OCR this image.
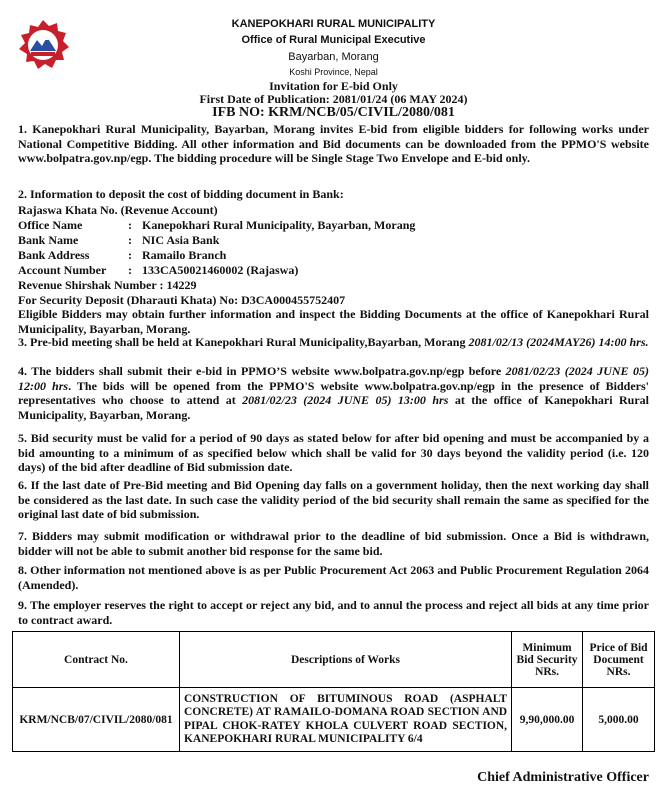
KANEPOKHARI RURAL MUNICIPALITY
Office of Rural Municipal Executive
Bayarban, Morang
Koshi Province, Nepal
Invitation for E-bid Only
First Date of Publication: 2081/01/24 (06 MAY 2024)
IFB NO: KRM/NCB/05/CIVIL/2080/081
1. Kanepokhari Rural Municipality, Bayarban, Morang invites E-bid from eligible bidders for following works under National Competitive Bidding. All other information and Bid documents can be downloaded from the PPMO'S website www.bolpatra.gov.np/egp. The bidding procedure will be Single Stage Two Envelope and E-bid only.
2. Information to deposit the cost of bidding document in Bank:
Rajaswa Khata No. (Revenue Account)
Office Name	: Kanepokhari Rural Municipality, Bayarban, Morang
Bank Name	: NIC Asia Bank
Bank Address	: Ramailo Branch
Account Number : 133CA50021460002 (Rajaswa)
Revenue Shirshak Number : 14229
For Security Deposit (Dharauti Khata) No: D3CA000455752407
Eligible Bidders may obtain further information and inspect the Bidding Documents at the office of Kanepokhari Rural Municipality, Bayarban, Morang.
3. Pre-bid meeting shall be held at Kanepokhari Rural Municipality,Bayarban, Morang 2081/02/13 (2024MAY26) 14:00 hrs.
4. The bidders shall submit their e-bid in PPMO’S website www.bolpatra.gov.np/egp before 2081/02/23 (2024 JUNE 05) 12:00 hrs. The bids will be opened from the PPMO'S website www.bolpatra.gov.np/egp in the presence of Bidders' representatives who choose to attend at 2081/02/23 (2024 JUNE 05) 13:00 hrs at the office of Kanepokhari Rural Municipality, Bayarban, Morang.
5. Bid security must be valid for a period of 90 days as stated below for after bid opening and must be accompanied by a bid amounting to a minimum of as specified below which shall be valid for 30 days beyond the validity period (i.e. 120 days) of the bid after deadline of Bid submission date.
6. If the last date of Pre-Bid meeting and Bid Opening day falls on a government holiday, then the next working day shall be considered as the last date. In such case the validity period of the bid security shall remain the same as specified for the original last date of bid submission.
7. Bidders may submit modification or withdrawal prior to the deadline of bid submission. Once a Bid is withdrawn, bidder will not be able to submit another bid response for the same bid.
8. Other information not mentioned above is as per Public Procurement Act 2063 and Public Procurement Regulation 2064 (Amended).
9. The employer reserves the right to accept or reject any bid, and to annul the process and reject all bids at any time prior to contract award.
Contract No.	Descriptions of Works	Minimum Bid Security NRs.	Price of Bid Document NRs.
KRM/NCB/07/CIVIL/2080/081	CONSTRUCTION OF BITUMINOUS ROAD (ASPHALT CONCRETE) AT RAMAILO-DOMANA ROAD SECTION AND PIPAL CHOK-RATEY KHOLA CULVERT ROAD SECTION, KANEPOKHARI RURAL MUNICIPALITY 6/4	9,90,000.00	5,000.00
Chief Administrative Officer
